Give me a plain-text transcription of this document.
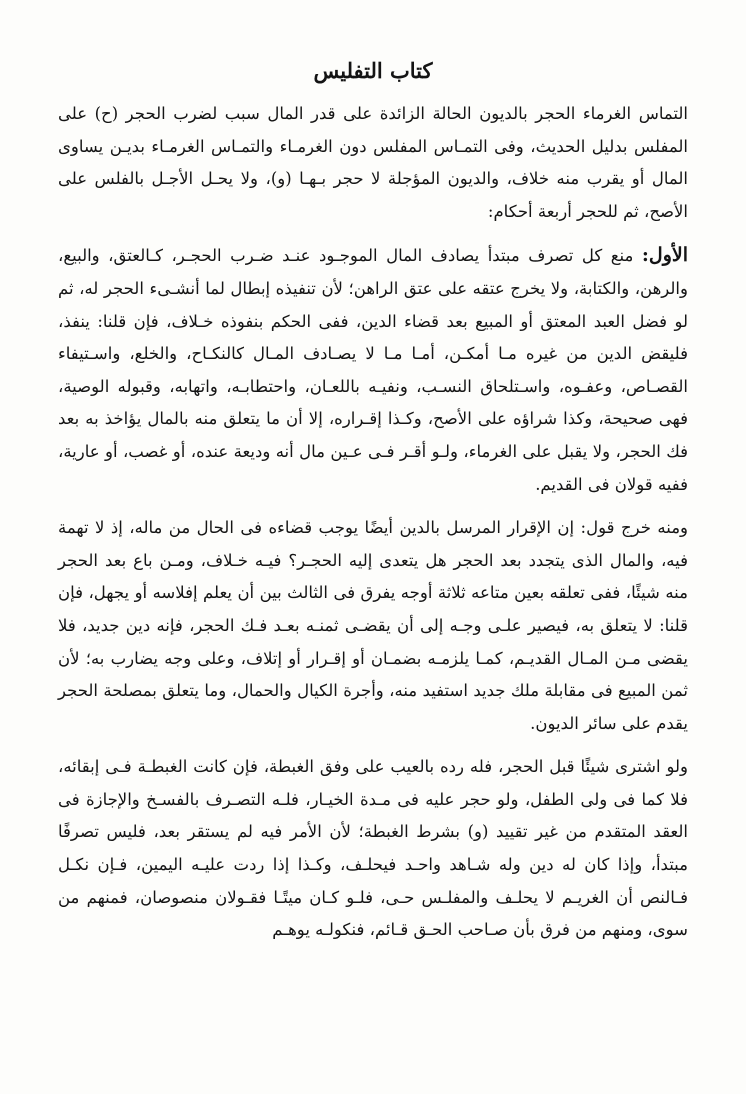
كتاب التفليس

التماس الغرماء الحجر بالديون الحالة الزائدة على قدر المال سبب لضرب الحجر (ح) على المفلس بدليل الحديث، وفى التمـاس المفلس دون الغرمـاء والتمـاس الغرمـاء بديـن يساوى المال أو يقرب منه خلاف، والديون المؤجلة لا حجر بـهـا (و)، ولا يحـل الأجـل بالفلس على الأصح، ثم للحجر أربعة أحكام:

الأول: منع كل تصرف مبتدأ يصادف المال الموجـود عنـد ضـرب الحجـر، كـالعتق، والبيع، والرهن، والكتابة، ولا يخرج عتقه على عتق الراهن؛ لأن تنفيذه إبطال لما أنشـىء الحجر له، ثم لو فضل العبد المعتق أو المبيع بعد قضاء الدين، ففى الحكم بنفوذه خـلاف، فإن قلنا: ينفذ، فليقض الدين من غيره مـا أمكـن، أمـا مـا لا يصـادف المـال كالنكـاح، والخلع، واسـتيفاء القصـاص، وعفـوه، واسـتلحاق النسـب، ونفيـه باللعـان، واحتطابـه، واتهابه، وقبوله الوصية، فهى صحيحة، وكذا شراؤه على الأصح، وكـذا إقـراره، إلا أن ما يتعلق منه بالمال يؤاخذ به بعد فك الحجر، ولا يقبل على الغرماء، ولـو أقـر فـى عـين مال أنه وديعة عنده، أو غصب، أو عارية، ففيه قولان فى القديم.

ومنه خرج قول: إن الإقرار المرسل بالدين أيضًا يوجب قضاءه فى الحال من ماله، إذ لا تهمة فيه، والمال الذى يتجدد بعد الحجر هل يتعدى إليه الحجـر؟ فيـه خـلاف، ومـن باع بعد الحجر منه شيئًا، ففى تعلقه بعين متاعه ثلاثة أوجه يفرق فى الثالث بين أن يعلم إفلاسه أو يجهل، فإن قلنا: لا يتعلق به، فيصير علـى وجـه إلى أن يقضـى ثمنـه بعـد فـك الحجر، فإنه دين جديد، فلا يقضى مـن المـال القديـم، كمـا يلزمـه بضمـان أو إقـرار أو إتلاف، وعلى وجه يضارب به؛ لأن ثمن المبيع فى مقابلة ملك جديد استفيد منه، وأجرة الكيال والحمال، وما يتعلق بمصلحة الحجر يقدم على سائر الديون.

ولو اشترى شيئًا قبل الحجر، فله رده بالعيب على وفق الغبطة، فإن كانت الغبطـة فـى إبقائه، فلا كما فى ولى الطفل، ولو حجر عليه فى مـدة الخيـار، فلـه التصـرف بالفسـخ والإجازة فى العقد المتقدم من غير تقييد (و) بشرط الغبطة؛ لأن الأمر فيه لم يستقر بعد، فليس تصرفًا مبتدأ، وإذا كان له دين وله شـاهد واحـد فيحلـف، وكـذا إذا ردت عليـه اليمين، فـإن نكـل فـالنص أن الغريـم لا يحلـف والمفلـس حـى، فلـو كـان ميتًـا فقـولان منصوصان، فمنهم من سوى، ومنهم من فرق بأن صـاحب الحـق قـائم، فنكولـه يوهـم
